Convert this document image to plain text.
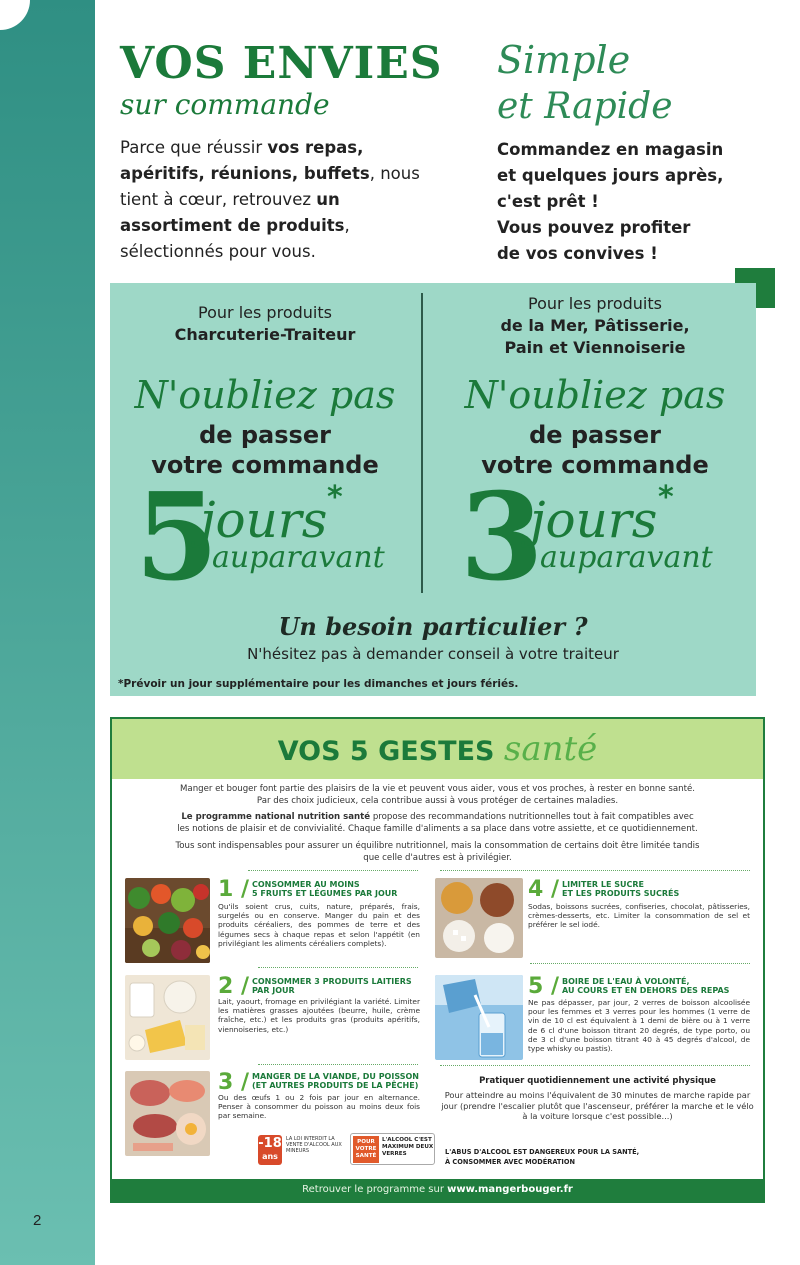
2
VOS ENVIES
sur commande
Parce que réussir vos repas, apéritifs, réunions, buffets, nous tient à cœur, retrouvez un assortiment de produits, sélectionnés pour vous.
Simple
et Rapide
Commandez en magasin
et quelques jours après,
c'est prêt !
Vous pouvez profiter
de vos convives !
Pour les produits
Charcuterie-Traiteur
N'oubliez pas
de passer
votre commande
5
jours *
auparavant
Pour les produits
de la Mer, Pâtisserie,
Pain et Viennoiserie
N'oubliez pas
de passer
votre commande
3
jours *
auparavant
Un besoin particulier ?
N'hésitez pas à demander conseil à votre traiteur
*Prévoir un jour supplémentaire pour les dimanches et jours fériés.
VOS 5 GESTES santé
Manger et bouger font partie des plaisirs de la vie et peuvent vous aider, vous et vos proches, à rester en bonne santé.
Par des choix judicieux, cela contribue aussi à vous protéger de certaines maladies.
Le programme national nutrition santé propose des recommandations nutritionnelles tout à fait compatibles avec
les notions de plaisir et de convivialité. Chaque famille d'aliments a sa place dans votre assiette, et ce quotidiennement.
Tous sont indispensables pour assurer un équilibre nutritionnel, mais la consommation de certains doit être limitée tandis
que celle d'autres est à privilégier.
1 / CONSOMMER AU MOINS
5 FRUITS ET LÉGUMES PAR JOUR
Qu'ils soient crus, cuits, nature, préparés, frais, surgelés ou en conserve. Manger du pain et des produits céréaliers, des pommes de terre et des légumes secs à chaque repas et selon l'appétit (en privilégiant les aliments céréaliers complets).
2 / CONSOMMER 3 PRODUITS LAITIERS
PAR JOUR
Lait, yaourt, fromage en privilégiant la variété. Limiter les matières grasses ajoutées (beurre, huile, crème fraîche, etc.) et les produits gras (produits apéritifs, viennoiseries, etc.)
3 / MANGER DE LA VIANDE, DU POISSON
(ET AUTRES PRODUITS DE LA PÊCHE)
Ou des œufs 1 ou 2 fois par jour en alternance. Penser à consommer du poisson au moins deux fois par semaine.
4 / LIMITER LE SUCRE
ET LES PRODUITS SUCRÉS
Sodas, boissons sucrées, confiseries, chocolat, pâtisseries, crèmes-desserts, etc. Limiter la consommation de sel et préférer le sel iodé.
5 / BOIRE DE L'EAU À VOLONTÉ,
AU COURS ET EN DEHORS DES REPAS
Ne pas dépasser, par jour, 2 verres de boisson alcoolisée pour les femmes et 3 verres pour les hommes (1 verre de vin de 10 cl est équivalent à 1 demi de bière ou à 1 verre de 6 cl d'une boisson titrant 20 degrés, de type porto, ou de 3 cl d'une boisson titrant 40 à 45 degrés d'alcool, de type whisky ou pastis).
Pratiquer quotidiennement une activité physique
Pour atteindre au moins l'équivalent de 30 minutes de marche rapide par jour (prendre l'escalier plutôt que l'ascenseur, préférer la marche et le vélo à la voiture lorsque c'est possible...)
-18
ans
LA LOI INTERDIT LA VENTE D'ALCOOL AUX MINEURS
POUR VOTRE SANTÉ
L'ALCOOL C'EST MAXIMUM DEUX VERRES	L'ABUS D'ALCOOL EST DANGEREUX POUR LA SANTÉ,
À CONSOMMER AVEC MODÉRATION
Retrouver le programme sur www.mangerbouger.fr
